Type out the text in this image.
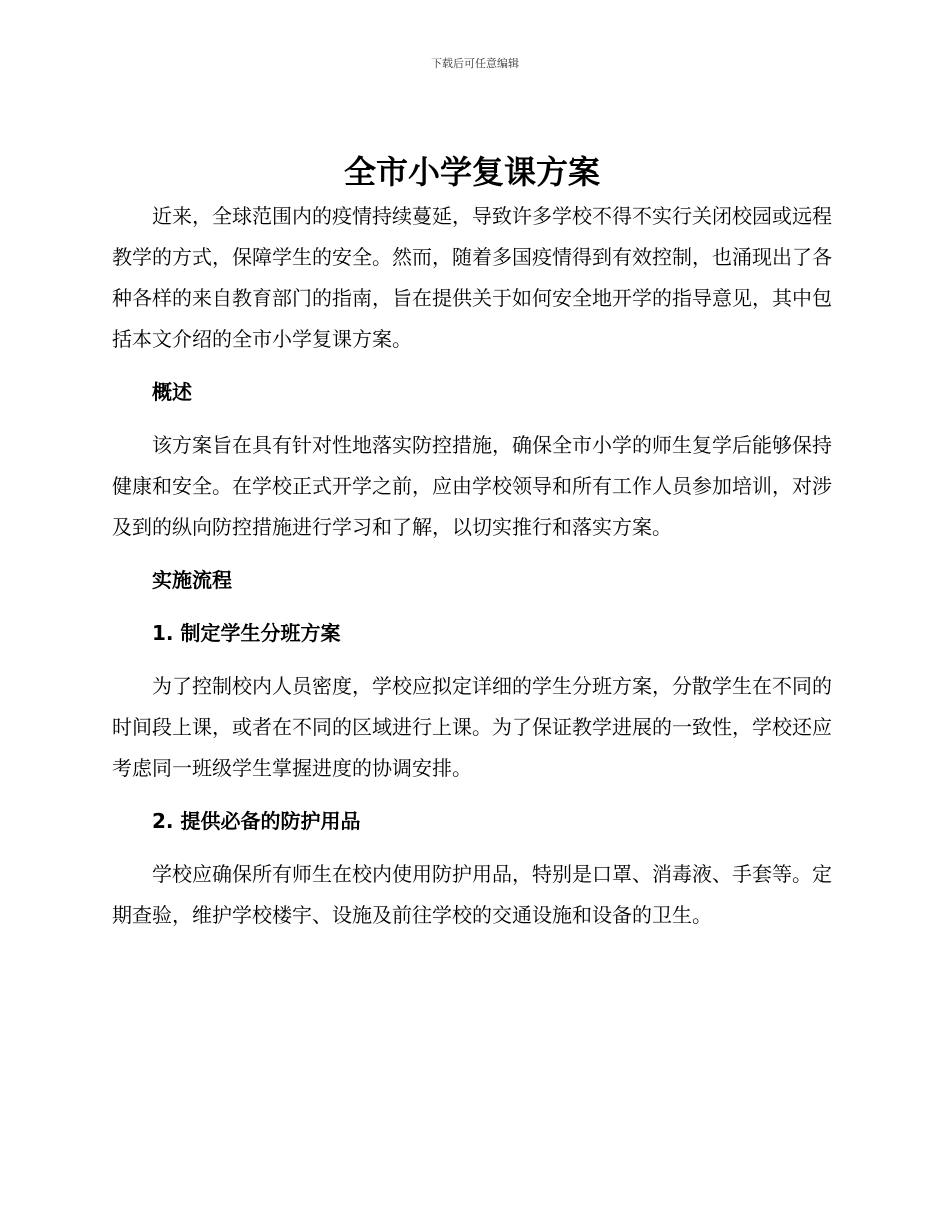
下载后可任意编辑
全市小学复课方案

近来，全球范围内的疫情持续蔓延，导致许多学校不得不实行关闭校园或远程教学的方式，保障学生的安全。然而，随着多国疫情得到有效控制，也涌现出了各种各样的来自教育部门的指南，旨在提供关于如何安全地开学的指导意见，其中包括本文介绍的全市小学复课方案。

概述

该方案旨在具有针对性地落实防控措施，确保全市小学的师生复学后能够保持健康和安全。在学校正式开学之前，应由学校领导和所有工作人员参加培训，对涉及到的纵向防控措施进行学习和了解，以切实推行和落实方案。

实施流程
1. 制定学生分班方案

为了控制校内人员密度，学校应拟定详细的学生分班方案，分散学生在不同的时间段上课，或者在不同的区域进行上课。为了保证教学进展的一致性，学校还应考虑同一班级学生掌握进度的协调安排。

2. 提供必备的防护用品

学校应确保所有师生在校内使用防护用品，特别是口罩、消毒液、手套等。定期查验，维护学校楼宇、设施及前往学校的交通设施和设备的卫生。
